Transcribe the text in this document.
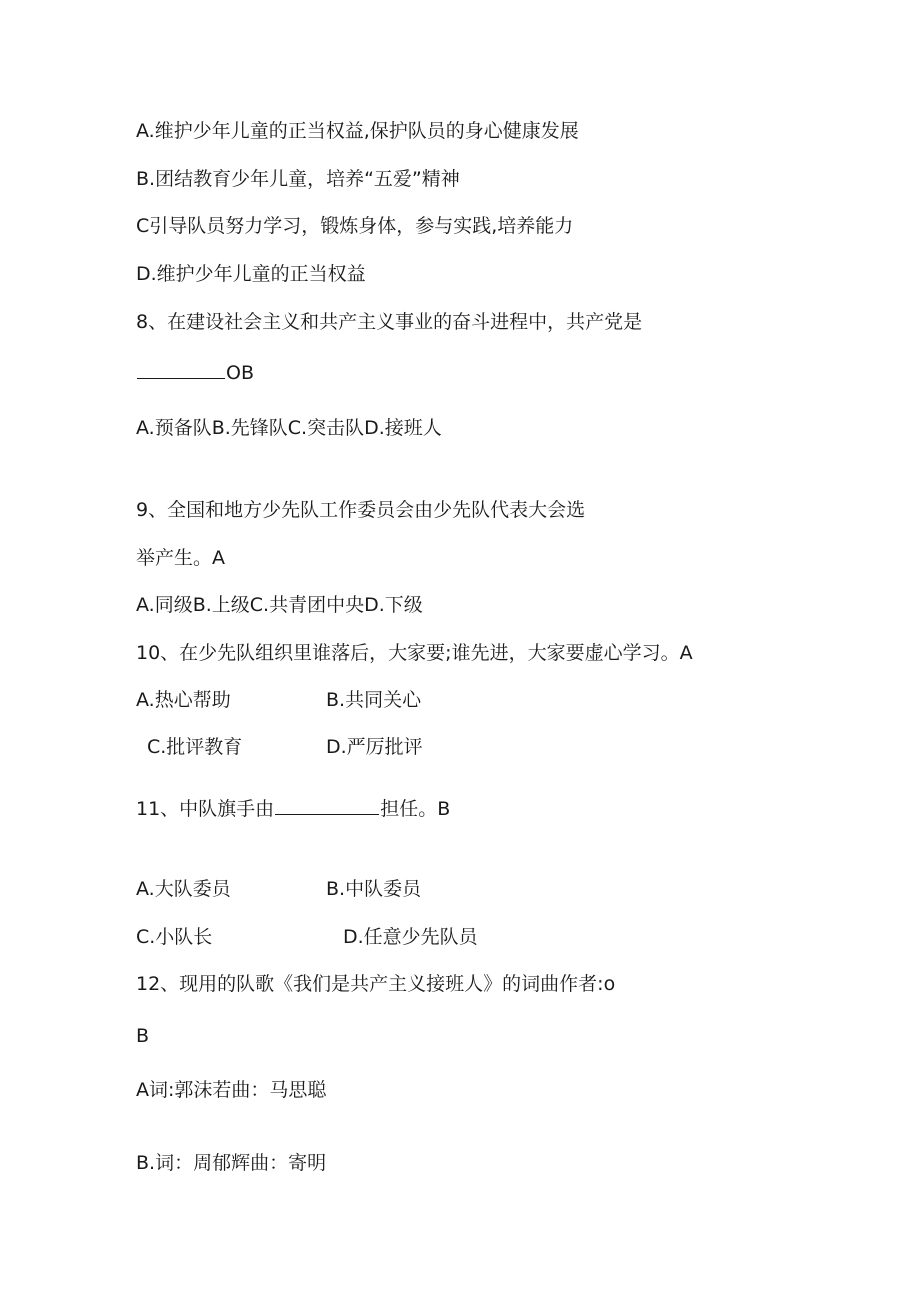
A.维护少年儿童的正当权益,保护队员的身心健康发展
B.团结教育少年儿童，培养“五爱”精神
C引导队员努力学习，锻炼身体，参与实践,培养能力
D.维护少年儿童的正当权益
8、在建设社会主义和共产主义事业的奋斗进程中，共产党是
OB
A.预备队B.先锋队C.突击队D.接班人
9、全国和地方少先队工作委员会由少先队代表大会选
举产生。A
A.同级B.上级C.共青团中央D.下级
10、在少先队组织里谁落后，大家要;谁先进，大家要虚心学习。A
A.热心帮助	B.共同关心
C.批评教育	D.严厉批评
11、中队旗手由	担任。B
A.大队委员	B.中队委员
C.小队长	D.任意少先队员
12、现用的队歌《我们是共产主义接班人》的词曲作者:o
B
A词:郭沫若曲：马思聪
B.词：周郁辉曲：寄明
